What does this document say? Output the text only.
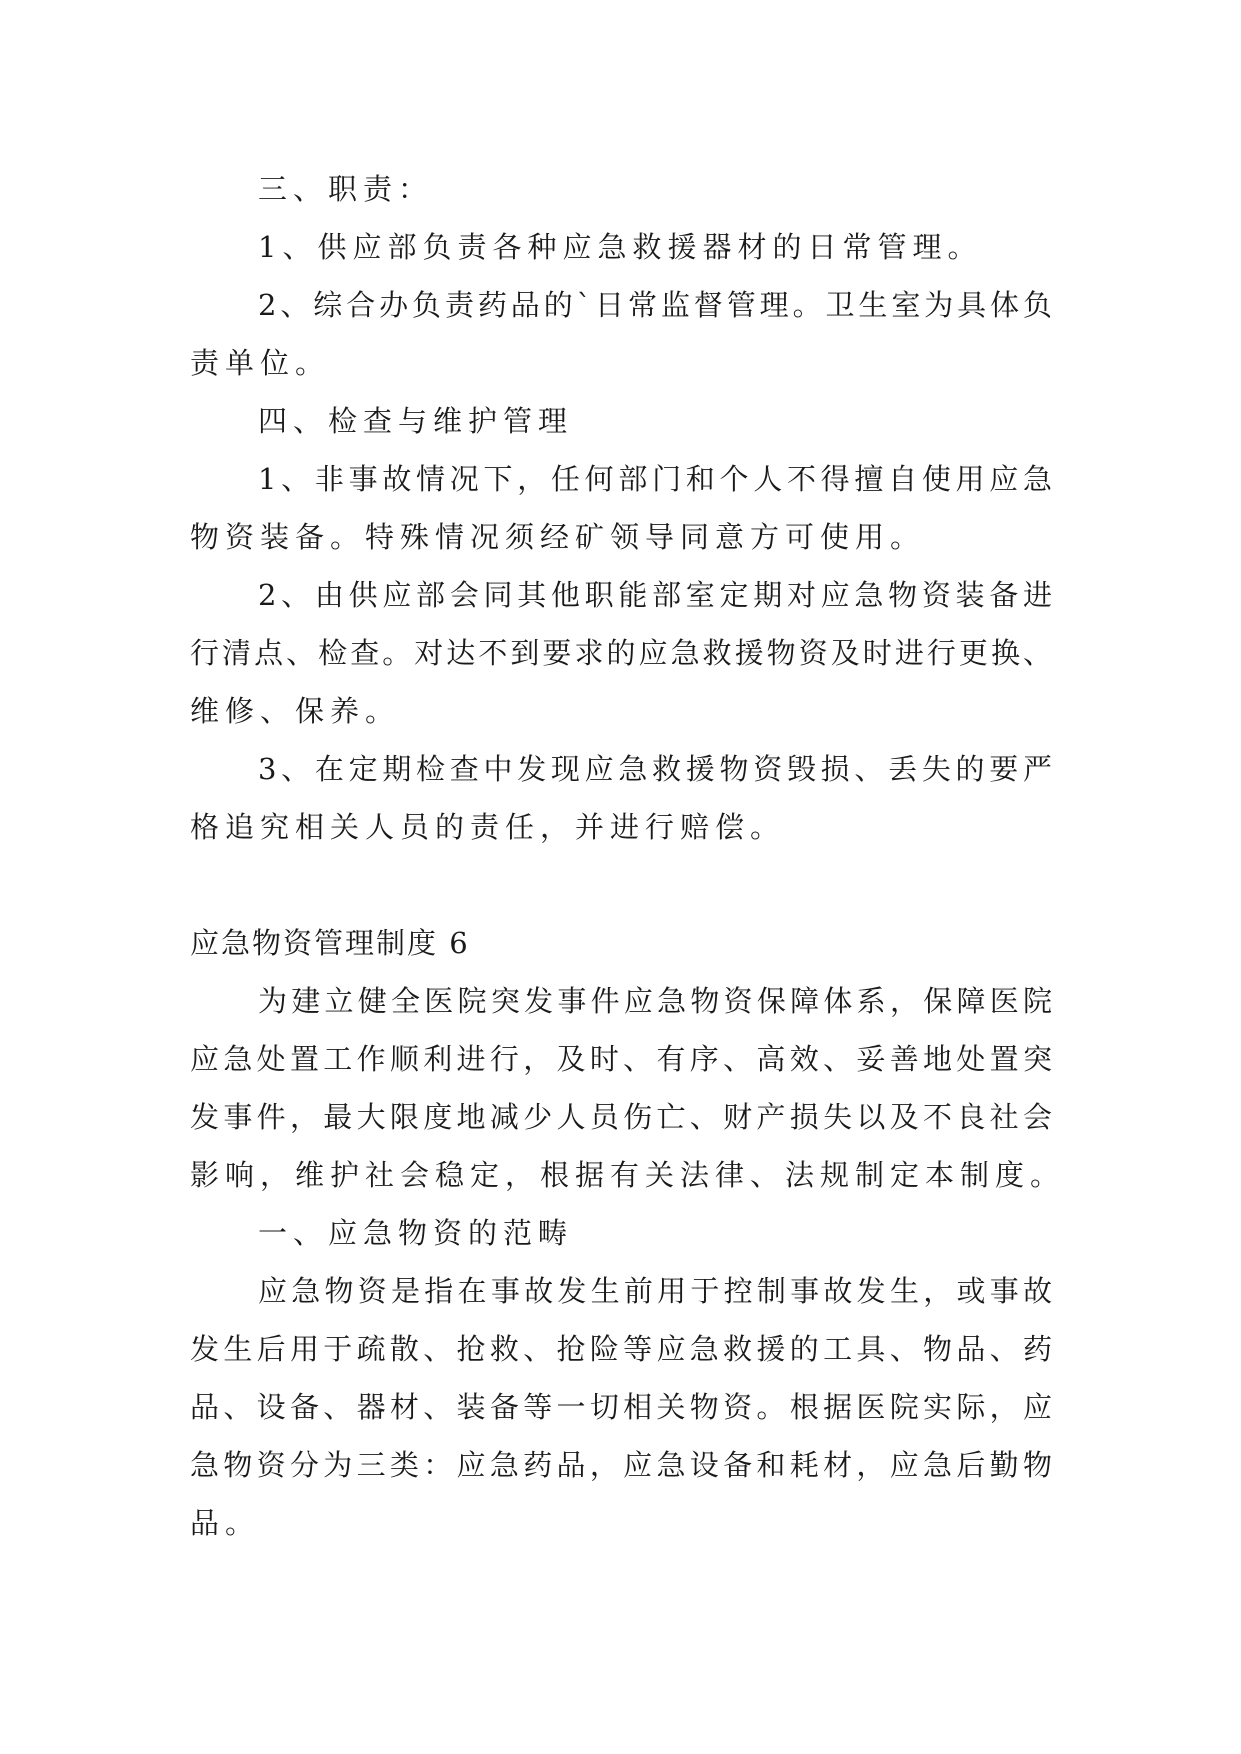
三、职责：

1、供应部负责各种应急救援器材的日常管理。

2、综合办负责药品的`日常监督管理。卫生室为具体负

责单位。

四、检查与维护管理

1、非事故情况下，任何部门和个人不得擅自使用应急

物资装备。特殊情况须经矿领导同意方可使用。

2、由供应部会同其他职能部室定期对应急物资装备进

行清点、检查。对达不到要求的应急救援物资及时进行更换、

维修、保养。

3、在定期检查中发现应急救援物资毁损、丢失的要严

格追究相关人员的责任，并进行赔偿。

应急物资管理制度 6

为建立健全医院突发事件应急物资保障体系，保障医院

应急处置工作顺利进行，及时、有序、高效、妥善地处置突

发事件，最大限度地减少人员伤亡、财产损失以及不良社会

影响，维护社会稳定，根据有关法律、法规制定本制度。

一、应急物资的范畴

应急物资是指在事故发生前用于控制事故发生，或事故

发生后用于疏散、抢救、抢险等应急救援的工具、物品、药

品、设备、器材、装备等一切相关物资。根据医院实际，应

急物资分为三类：应急药品，应急设备和耗材，应急后勤物

品。
